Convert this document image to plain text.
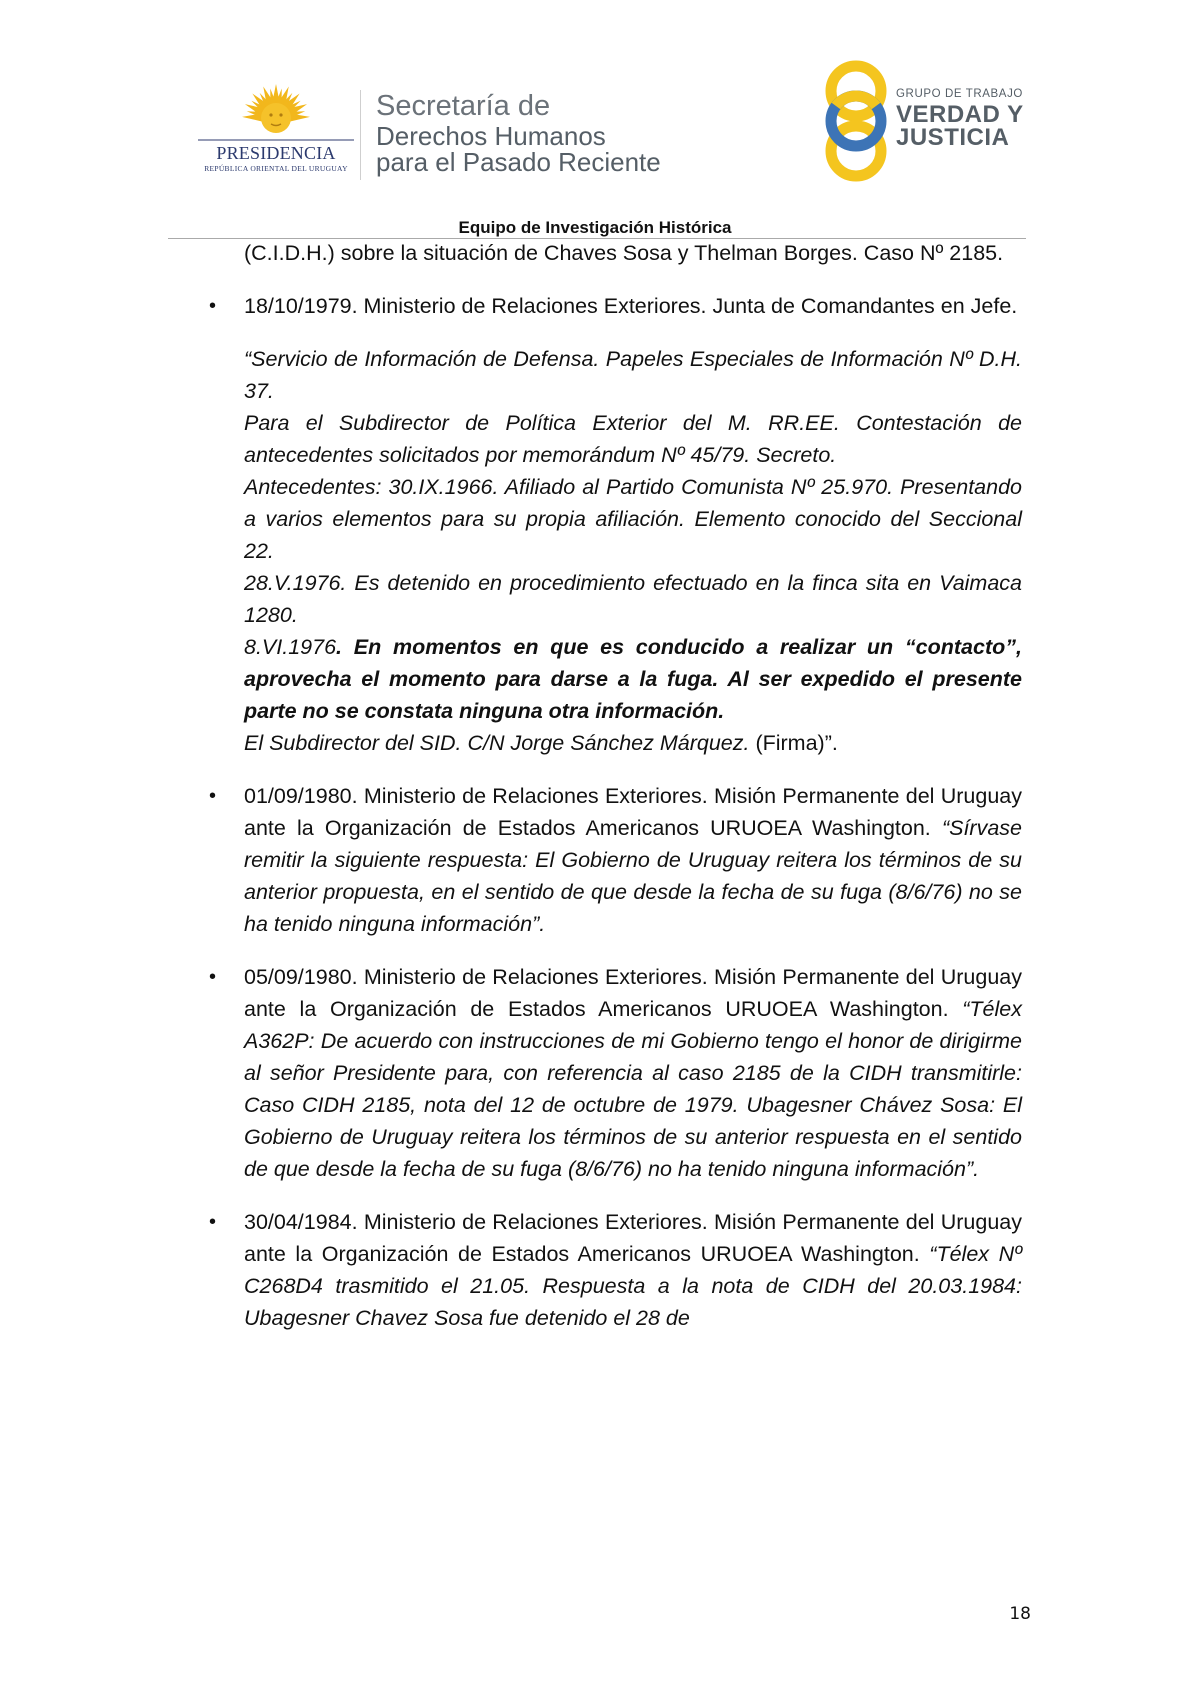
PRESIDENCIA
REPÚBLICA ORIENTAL DEL URUGUAY
Secretaría de
Derechos Humanos
para el Pasado Reciente
GRUPO DE TRABAJO
VERDAD Y
JUSTICIA
Equipo de Investigación Histórica

(C.I.D.H.) sobre la situación de Chaves Sosa y Thelman Borges. Caso Nº 2185.

• 18/10/1979. Ministerio de Relaciones Exteriores. Junta de Comandantes en Jefe.

“Servicio de Información de Defensa. Papeles Especiales de Información Nº D.H. 37.

Para el Subdirector de Política Exterior del M. RR.EE. Contestación de antecedentes solicitados por memorándum Nº 45/79. Secreto.

Antecedentes: 30.IX.1966. Afiliado al Partido Comunista Nº 25.970. Presentando a varios elementos para su propia afiliación. Elemento conocido del Seccional 22.

28.V.1976. Es detenido en procedimiento efectuado en la finca sita en Vaimaca 1280.

8.VI.1976. En momentos en que es conducido a realizar un “contacto”, aprovecha el momento para darse a la fuga. Al ser expedido el presente parte no se constata ninguna otra información.

El Subdirector del SID. C/N Jorge Sánchez Márquez. (Firma)”.

• 01/09/1980. Ministerio de Relaciones Exteriores. Misión Permanente del Uruguay ante la Organización de Estados Americanos URUOEA Washington. “Sírvase remitir la siguiente respuesta: El Gobierno de Uruguay reitera los términos de su anterior propuesta, en el sentido de que desde la fecha de su fuga (8/6/76) no se ha tenido ninguna información”.

• 05/09/1980. Ministerio de Relaciones Exteriores. Misión Permanente del Uruguay ante la Organización de Estados Americanos URUOEA Washington. “Télex A362P: De acuerdo con instrucciones de mi Gobierno tengo el honor de dirigirme al señor Presidente para, con referencia al caso 2185 de la CIDH transmitirle: Caso CIDH 2185, nota del 12 de octubre de 1979. Ubagesner Chávez Sosa: El Gobierno de Uruguay reitera los términos de su anterior respuesta en el sentido de que desde la fecha de su fuga (8/6/76) no ha tenido ninguna información”.

• 30/04/1984. Ministerio de Relaciones Exteriores. Misión Permanente del Uruguay ante la Organización de Estados Americanos URUOEA Washington. “Télex Nº C268D4 trasmitido el 21.05. Respuesta a la nota de CIDH del 20.03.1984: Ubagesner Chavez Sosa fue detenido el 28 de

18
